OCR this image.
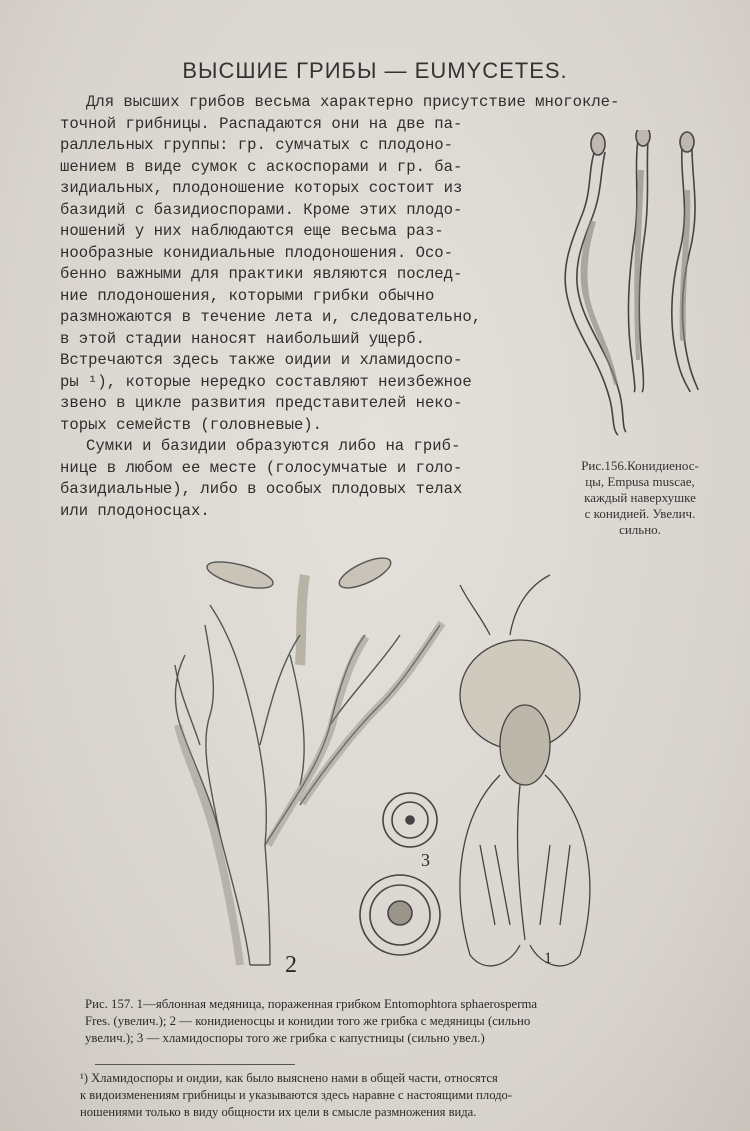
ВЫСШИЕ ГРИБЫ — EUMYCETES.
Для высших грибов весьма характерно присутствие многокле-
точной грибницы. Распадаются они на две па-
раллельных группы: гр. сумчатых с плодоно-
шением в виде сумок с аскоспорами и гр. ба-
зидиальных, плодоношение которых состоит из
базидий с базидиоспорами. Кроме этих плодо-
ношений у них наблюдаются еще весьма раз-
нообразные конидиальные плодоношения. Осо-
бенно важными для практики являются послед-
ние плодоношения, которыми грибки обычно
размножаются в течение лета и, следовательно,
в этой стадии наносят наибольший ущерб.
Встречаются здесь также оидии и хламидоспо-
ры ¹), которые нередко составляют неизбежное
звено в цикле развития представителей неко-
торых семейств (головневые).
Сумки и базидии образуются либо на гриб-
нице в любом ее месте (голосумчатые и голо-
базидиальные), либо в особых плодовых телах
или плодоносцах.
Рис.156.Конидиенос-
цы, Empusa muscae,
каждый наверхушке
с конидией. Увелич.
сильно.
2
3
1
Рис. 157. 1—яблонная медяница, пораженная грибком Entomophtora sphaerosperma
Fres. (увелич.); 2 — конидиеносцы и конидии того же грибка с медяницы (сильно
увелич.); 3 — хламидоспоры того же грибка с капустницы (сильно увел.)
¹) Хламидоспоры и оидии, как было выяснено нами в общей части, относятся
к видоизменениям грибницы и указываются здесь наравне с настоящими плодо-
ношениями только в виду общности их цели в смысле размножения вида.
